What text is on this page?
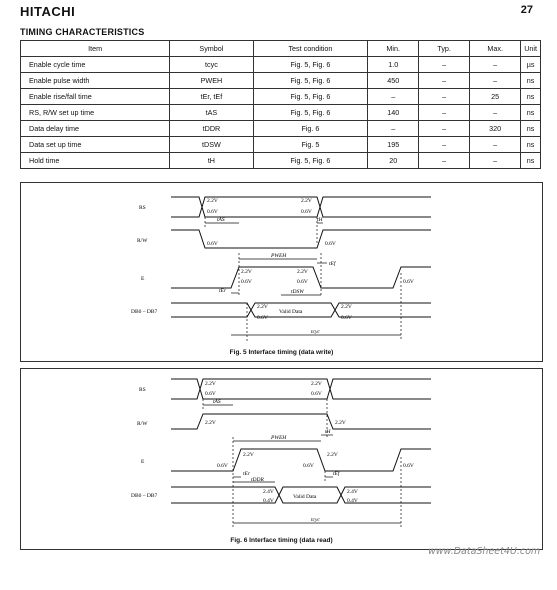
HITACHI	27
TIMING CHARACTERISTICS
Item	Symbol	Test condition	Min.	Typ.	Max.	Unit
Enable cycle time	tcyc	Fig. 5, Fig. 6	1.0	–	–	µs
Enable pulse width	PWEH	Fig. 5, Fig. 6	450	–	–	ns
Enable rise/fall time	tEr, tEf	Fig. 5, Fig. 6	–	–	25	ns
RS, R/W set up time	tAS	Fig. 5, Fig. 6	140	–	–	ns
Data delay time	tDDR	Fig. 6	–	–	320	ns
Data set up time	tDSW	Fig. 5	195	–	–	ns
Hold time	tH	Fig. 5, Fig. 6	20	–	–	ns
RS
R/W
E
DB0 – DB7
2.2V
0.6V
2.2V
0.6V
0.6V	0.6V
2.2V
0.6V
2.2V
0.6V	0.6V
2.2V
0.6V
2.2V
0.6V
tAS	tH
PWEH
tEf
tEr	tDSW
tcyc
Valid Data
Fig. 5 Interface timing (data write)
RS
R/W
E
DB0 – DB7
2.2V
0.6V
2.2V
0.6V
2.2V	2.2V
2.2V
0.6V
2.2V
0.6V	0.6V
2.4V
0.4V
2.4V
0.4V
tAS
tH
PWEH
tEr
tDDR
tEf
tcyc
Valid Data
Fig. 6 Interface timing (data read)
www.DataSheet4U.com
